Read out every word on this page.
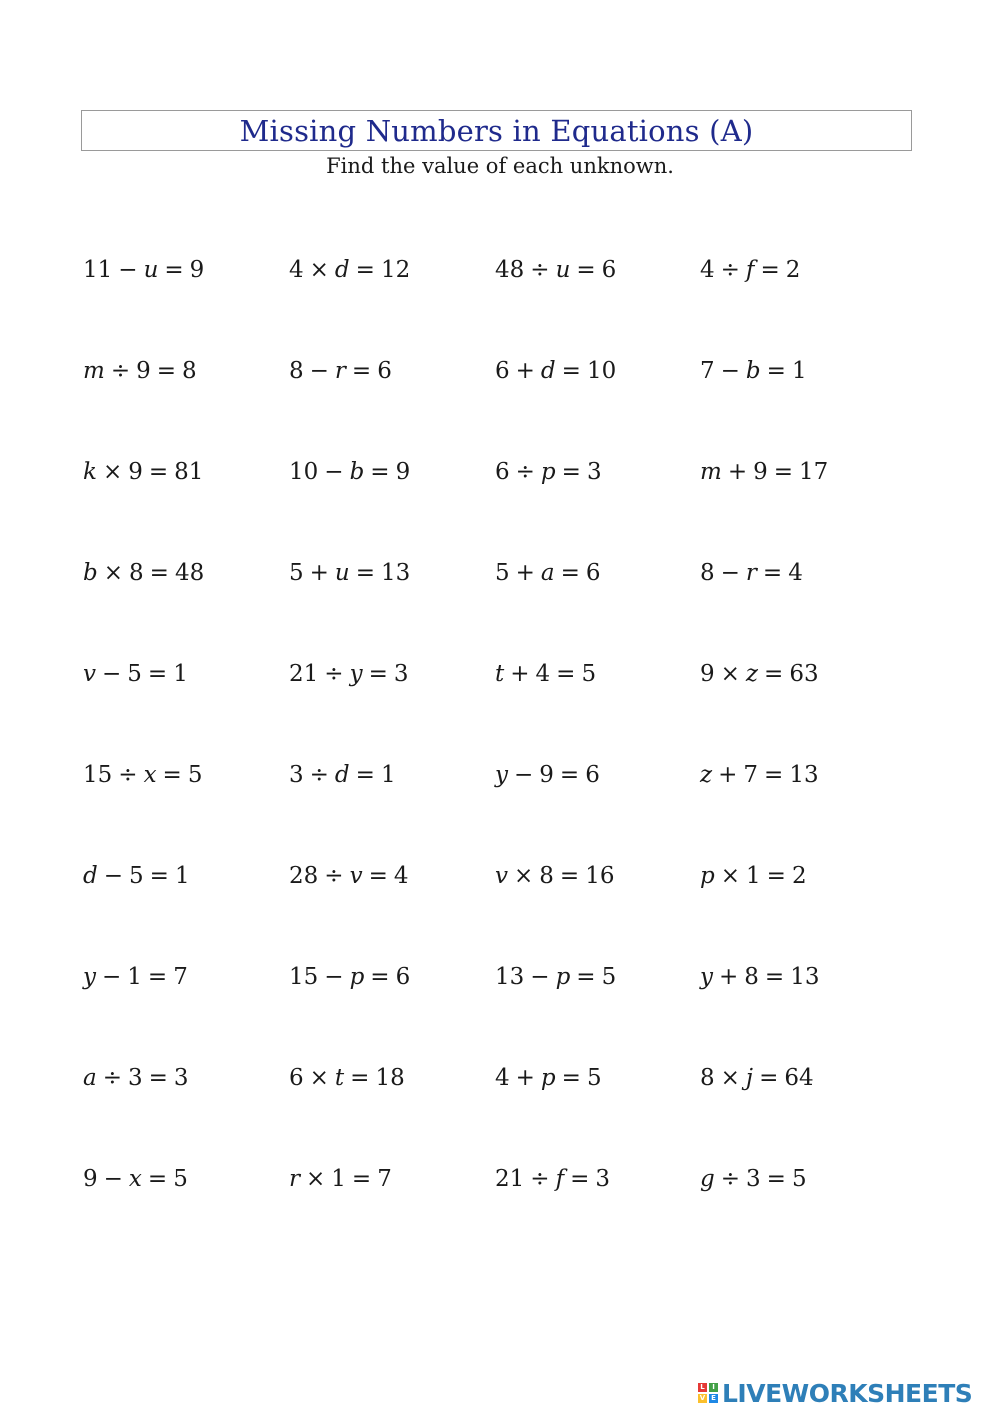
Missing Numbers in Equations (A)
Find the value of each unknown.
11 − u = 9	4 × d = 12	48 ÷ u = 6	4 ÷ f = 2
m ÷ 9 = 8	8 − r = 6	6 + d = 10	7 − b = 1
k × 9 = 81	10 − b = 9	6 ÷ p = 3	m + 9 = 17
b × 8 = 48	5 + u = 13	5 + a = 6	8 − r = 4
v − 5 = 1	21 ÷ y = 3	t + 4 = 5	9 × z = 63
15 ÷ x = 5	3 ÷ d = 1	y − 9 = 6	z + 7 = 13
d − 5 = 1	28 ÷ v = 4	v × 8 = 16	p × 1 = 2
y − 1 = 7	15 − p = 6	13 − p = 5	y + 8 = 13
a ÷ 3 = 3	6 × t = 18	4 + p = 5	8 × j = 64
9 − x = 5	r × 1 = 7	21 ÷ f = 3	g ÷ 3 = 5
L	I
V E LIVEWORKSHEETS
